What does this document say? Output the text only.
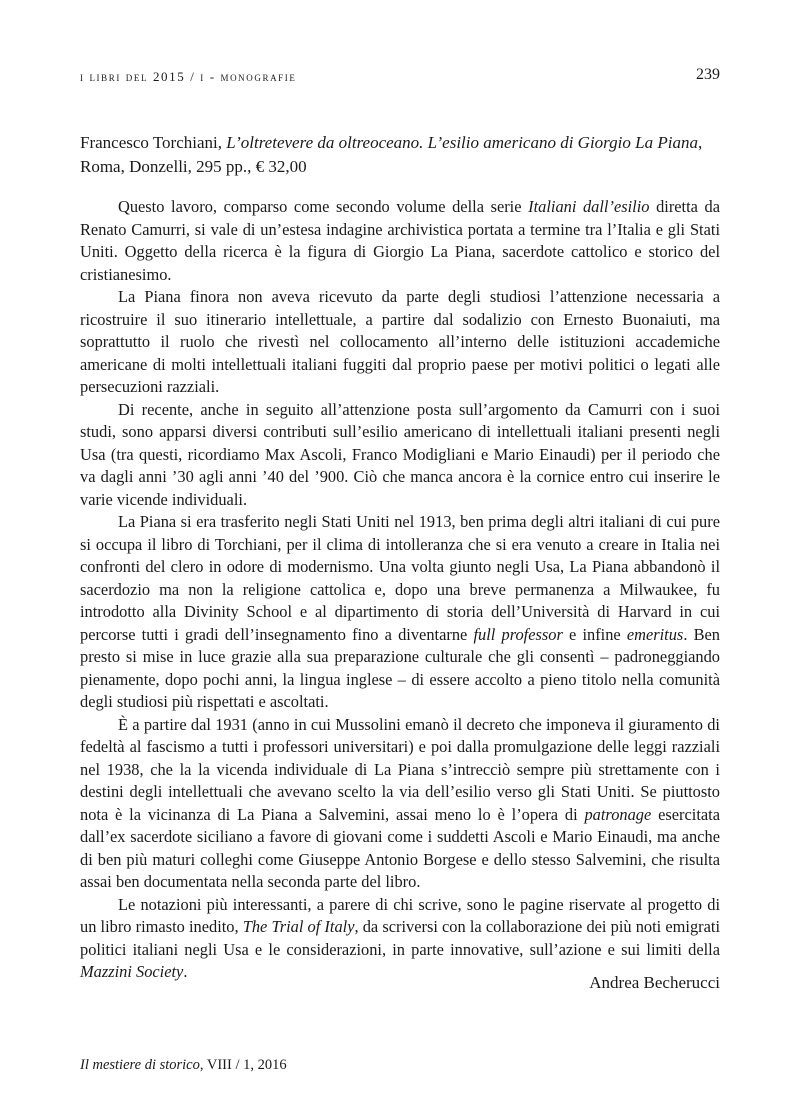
i libri del 2015 / i - monografie	239
Francesco Torchiani, L’oltretevere da oltreoceano. L’esilio americano di Giorgio La Piana, Roma, Donzelli, 295 pp., € 32,00

Questo lavoro, comparso come secondo volume della serie Italiani dall’esilio diretta da Renato Camurri, si vale di un’estesa indagine archivistica portata a termine tra l’Italia e gli Stati Uniti. Oggetto della ricerca è la figura di Giorgio La Piana, sacerdote cattolico e storico del cristianesimo.

La Piana finora non aveva ricevuto da parte degli studiosi l’attenzione necessaria a ricostruire il suo itinerario intellettuale, a partire dal sodalizio con Ernesto Buonaiuti, ma soprattutto il ruolo che rivestì nel collocamento all’interno delle istituzioni accademiche americane di molti intellettuali italiani fuggiti dal proprio paese per motivi politici o legati alle persecuzioni razziali.

Di recente, anche in seguito all’attenzione posta sull’argomento da Camurri con i suoi studi, sono apparsi diversi contributi sull’esilio americano di intellettuali italiani presenti negli Usa (tra questi, ricordiamo Max Ascoli, Franco Modigliani e Mario Einaudi) per il periodo che va dagli anni ’30 agli anni ’40 del ’900. Ciò che manca ancora è la cornice entro cui inserire le varie vicende individuali.

La Piana si era trasferito negli Stati Uniti nel 1913, ben prima degli altri italiani di cui pure si occupa il libro di Torchiani, per il clima di intolleranza che si era venuto a creare in Italia nei confronti del clero in odore di modernismo. Una volta giunto negli Usa, La Piana abbandonò il sacerdozio ma non la religione cattolica e, dopo una breve permanenza a Milwaukee, fu introdotto alla Divinity School e al dipartimento di storia dell’Università di Harvard in cui percorse tutti i gradi dell’insegnamento fino a diventarne full professor e infine emeritus. Ben presto si mise in luce grazie alla sua preparazione culturale che gli consentì – padroneggiando pienamente, dopo pochi anni, la lingua inglese – di essere accolto a pieno titolo nella comunità degli studiosi più rispettati e ascoltati.

È a partire dal 1931 (anno in cui Mussolini emanò il decreto che imponeva il giuramento di fedeltà al fascismo a tutti i professori universitari) e poi dalla promulgazione delle leggi razziali nel 1938, che la la vicenda individuale di La Piana s’intrecciò sempre più strettamente con i destini degli intellettuali che avevano scelto la via dell’esilio verso gli Stati Uniti. Se piuttosto nota è la vicinanza di La Piana a Salvemini, assai meno lo è l’opera di patronage esercitata dall’ex sacerdote siciliano a favore di giovani come i suddetti Ascoli e Mario Einaudi, ma anche di ben più maturi colleghi come Giuseppe Antonio Borgese e dello stesso Salvemini, che risulta assai ben documentata nella seconda parte del libro.

Le notazioni più interessanti, a parere di chi scrive, sono le pagine riservate al progetto di un libro rimasto inedito, The Trial of Italy, da scriversi con la collaborazione dei più noti emigrati politici italiani negli Usa e le considerazioni, in parte innovative, sull’azione e sui limiti della Mazzini Society.

Andrea Becherucci
Il mestiere di storico, VIII / 1, 2016
